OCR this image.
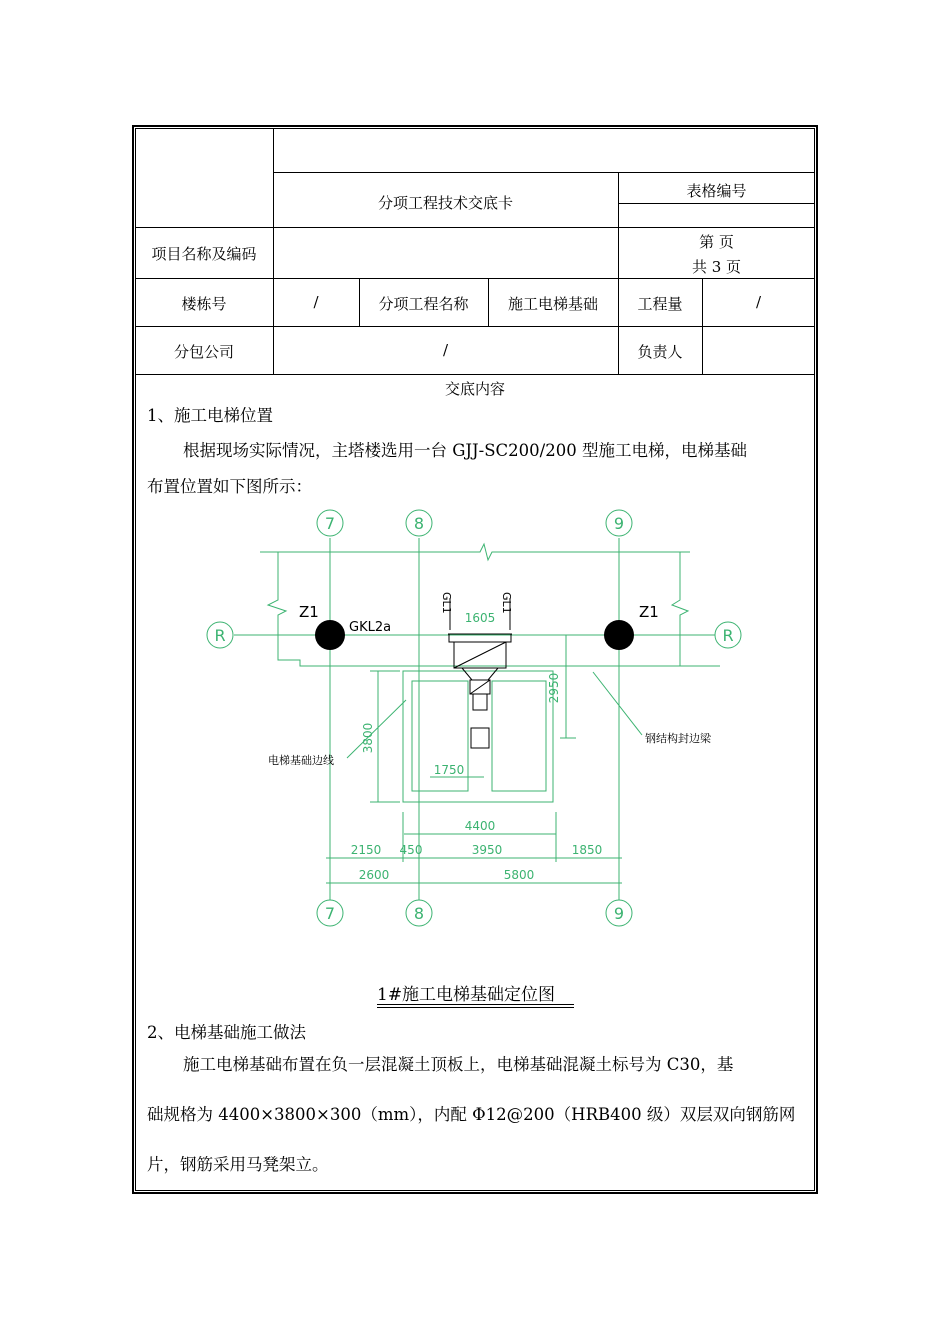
分项工程技术交底卡
表格编号
项目名称及编码
第 页
共 3 页
楼栋号	/	分项工程名称	施工电梯基础	工程量	/
分包公司	/	负责人
交底内容
1、施工电梯位置
根据现场实际情况，主塔楼选用一台 GJJ-SC200/200 型施工电梯，电梯基础
布置位置如下图所示：
7	8	9
7	8	9
R	R
Z1	Z1
GKL2a
GL1	GL1
电梯基础边线
钢结构封边梁
1605
2950
3800
1750
4400
2150 450	3950	1850
2600	5800
1#施工电梯基础定位图
2、电梯基础施工做法
施工电梯基础布置在负一层混凝土顶板上，电梯基础混凝土标号为 C30，基
础规格为 4400×3800×300（mm），内配 Φ12@200（HRB400 级）双层双向钢筋网
片，钢筋采用马凳架立。
